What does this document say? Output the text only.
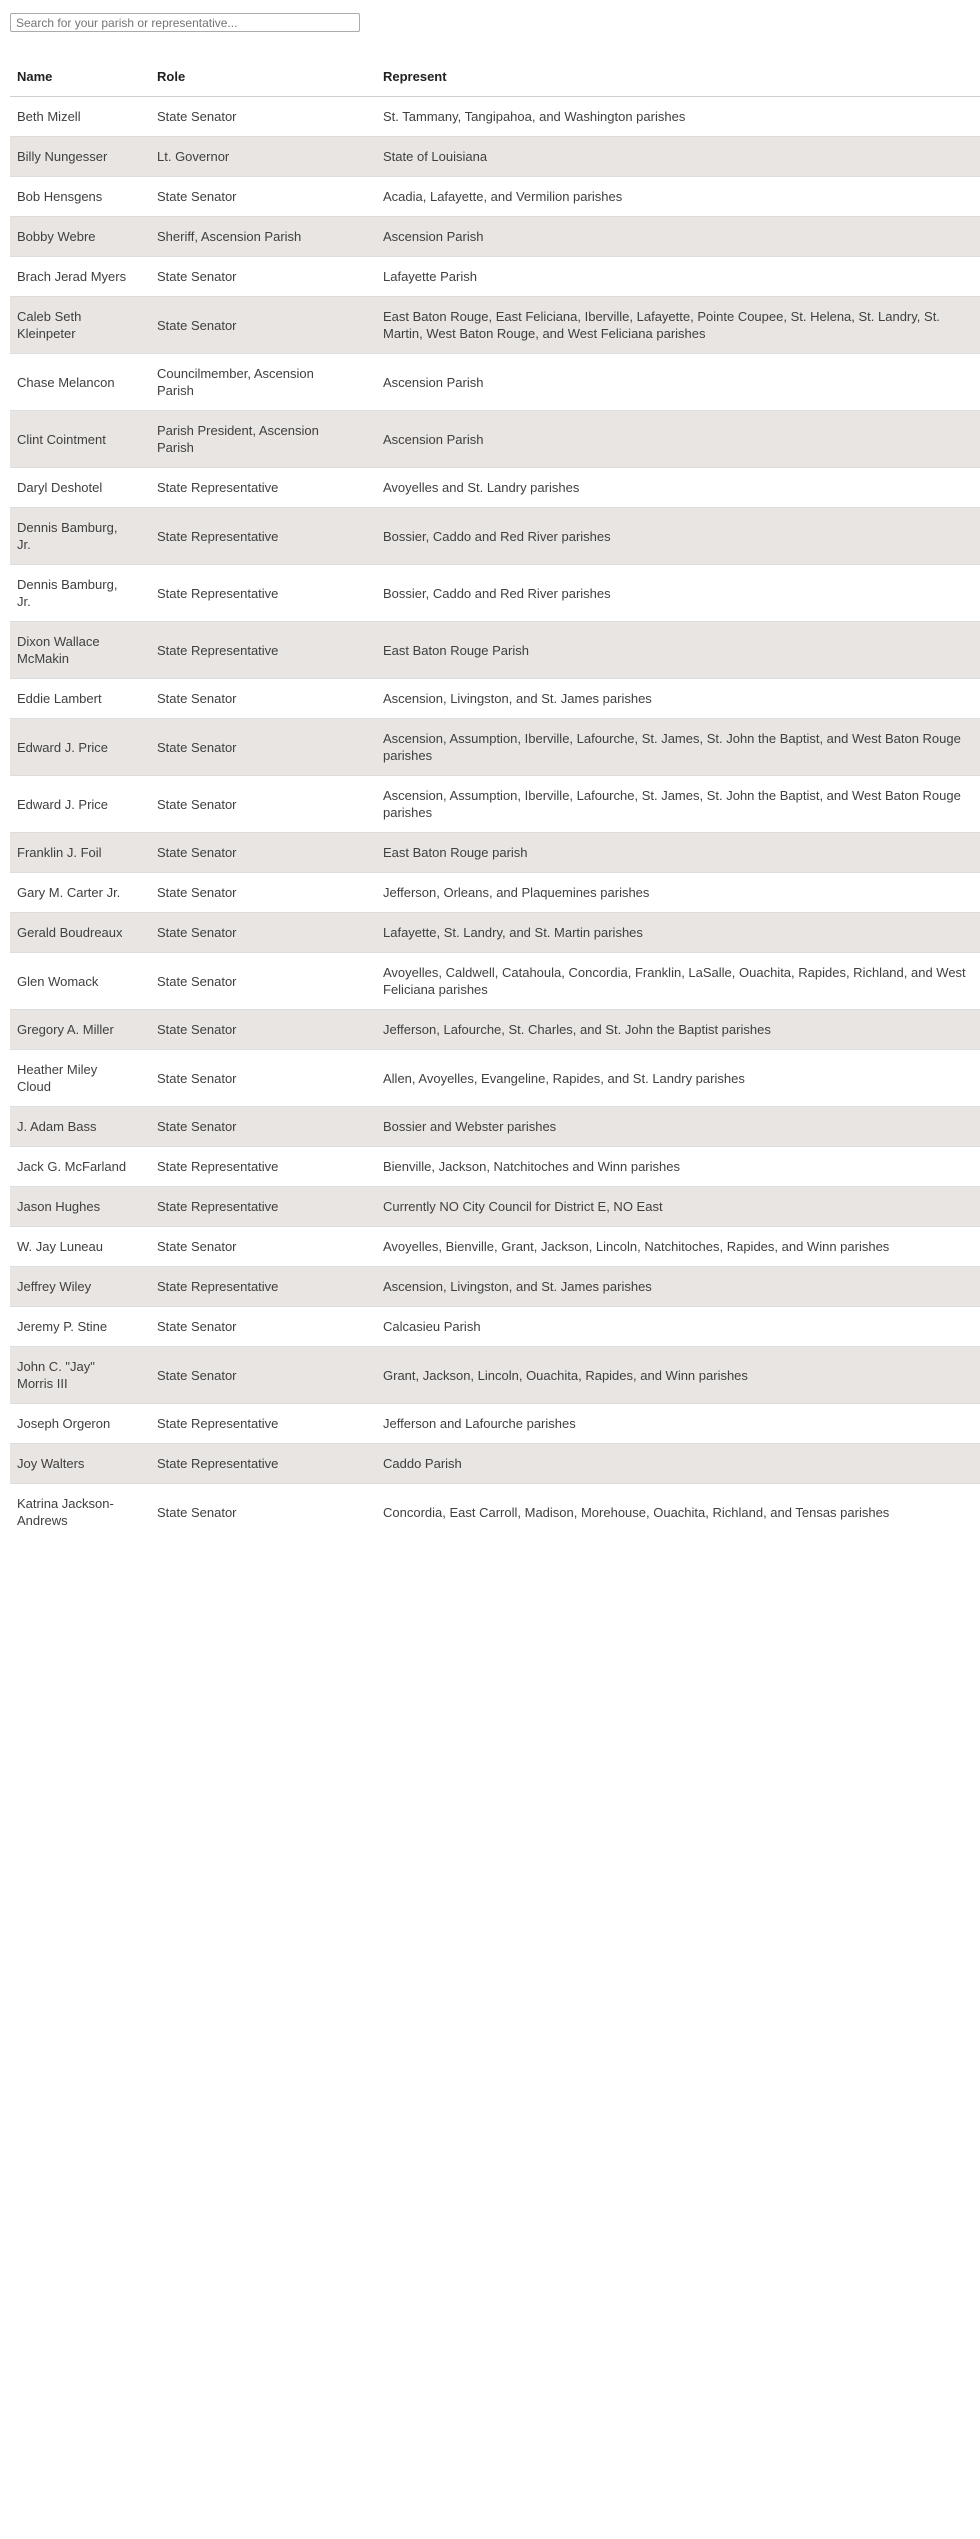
Search for your parish or representative...
Name	Role	Represent
Beth Mizell	State Senator	St. Tammany, Tangipahoa, and Washington parishes
Billy Nungesser	Lt. Governor	State of Louisiana
Bob Hensgens	State Senator	Acadia, Lafayette, and Vermilion parishes
Bobby Webre	Sheriff, Ascension Parish	Ascension Parish
Brach Jerad Myers	State Senator	Lafayette Parish
Caleb Seth Kleinpeter	State Senator	East Baton Rouge, East Feliciana, Iberville, Lafayette, Pointe Coupee, St. Helena, St. Landry, St. Martin, West Baton Rouge, and West Feliciana parishes
Chase Melancon	Councilmember, Ascension Parish	Ascension Parish
Clint Cointment	Parish President, Ascension Parish	Ascension Parish
Daryl Deshotel	State Representative	Avoyelles and St. Landry parishes
Dennis Bamburg, Jr.	State Representative	Bossier, Caddo and Red River parishes
Dennis Bamburg, Jr.	State Representative	Bossier, Caddo and Red River parishes
Dixon Wallace McMakin	State Representative	East Baton Rouge Parish
Eddie Lambert	State Senator	Ascension, Livingston, and St. James parishes
Edward J. Price	State Senator	Ascension, Assumption, Iberville, Lafourche, St. James, St. John the Baptist, and West Baton Rouge parishes
Edward J. Price	State Senator	Ascension, Assumption, Iberville, Lafourche, St. James, St. John the Baptist, and West Baton Rouge parishes
Franklin J. Foil	State Senator	East Baton Rouge parish
Gary M. Carter Jr.	State Senator	Jefferson, Orleans, and Plaquemines parishes
Gerald Boudreaux	State Senator	Lafayette, St. Landry, and St. Martin parishes
Glen Womack	State Senator	Avoyelles, Caldwell, Catahoula, Concordia, Franklin, LaSalle, Ouachita, Rapides, Richland, and West Feliciana parishes
Gregory A. Miller	State Senator	Jefferson, Lafourche, St. Charles, and St. John the Baptist parishes
Heather Miley Cloud	State Senator	Allen, Avoyelles, Evangeline, Rapides, and St. Landry parishes
J. Adam Bass	State Senator	Bossier and Webster parishes
Jack G. McFarland	State Representative	Bienville, Jackson, Natchitoches and Winn parishes
Jason Hughes	State Representative	Currently NO City Council for District E, NO East
W. Jay Luneau	State Senator	Avoyelles, Bienville, Grant, Jackson, Lincoln, Natchitoches, Rapides, and Winn parishes
Jeffrey Wiley	State Representative	Ascension, Livingston, and St. James parishes
Jeremy P. Stine	State Senator	Calcasieu Parish
John C. "Jay" Morris III	State Senator	Grant, Jackson, Lincoln, Ouachita, Rapides, and Winn parishes
Joseph Orgeron	State Representative	Jefferson and Lafourche parishes
Joy Walters	State Representative	Caddo Parish
Katrina Jackson-Andrews	State Senator	Concordia, East Carroll, Madison, Morehouse, Ouachita, Richland, and Tensas parishes
